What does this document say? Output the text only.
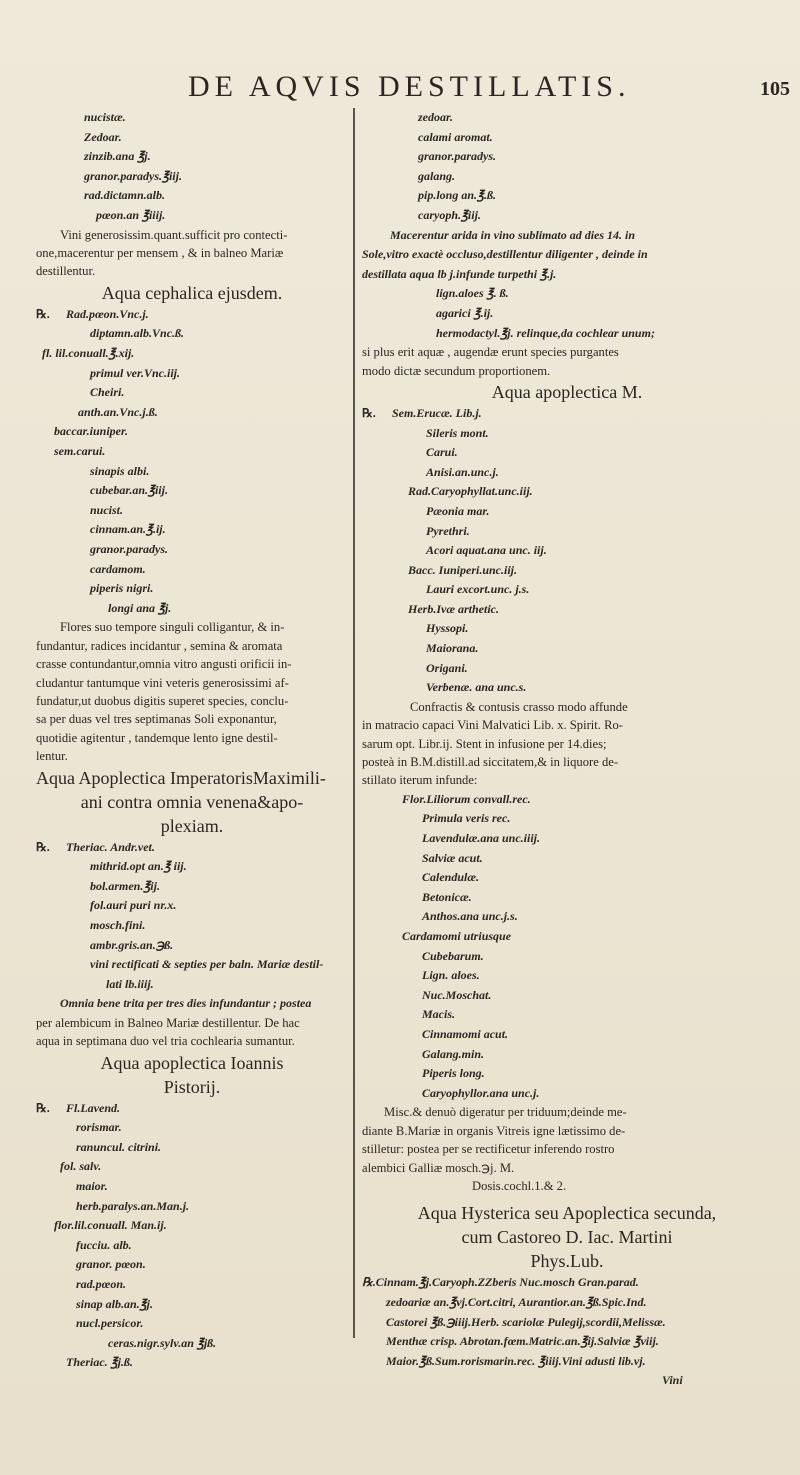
DE AQVIS DESTILLATIS.	105
nucistæ.
Zedoar.
zinzib.ana ℥j.
granor.paradys.℥iij.
rad.dictamn.alb.
pœon.an ℥iiij.
Vini generosissim.quant.sufficit pro contecti-
one,macerentur per mensem , & in balneo Mariæ
destillentur.
Aqua cephalica ejusdem.
℞. Rad.pœon.Vnc.j.
diptamn.alb.Vnc.ß.
fl. lil.conuall.℥.xij.
primul ver.Vnc.iij.
Cheiri.
anth.an.Vnc.j.ß.
baccar.iuniper.
sem.carui.
sinapis albi.
cubebar.an.℥iij.
nucist.
cinnam.an.℥.ij.
granor.paradys.
cardamom.
piperis nigri.
longi ana ℥j.
Flores suo tempore singuli colligantur, & in-
fundantur, radices incidantur , semina & aromata
crasse contundantur,omnia vitro angusti orificii in-
cludantur tantumque vini veteris generosissimi af-
fundatur,ut duobus digitis superet species, conclu-
sa per duas vel tres septimanas Soli exponantur,
quotidie agitentur , tandemque lento igne destil-
lentur.
Aqua Apoplectica ImperatorisMaximili-
ani contra omnia venena&apo-
plexiam.
℞. Theriac. Andr.vet.
mithrid.opt an.℥ iij.
bol.armen.℥ij.
fol.auri puri nr.x.
mosch.fini.
ambr.gris.an.℈ß.
vini rectificati & septies per baln. Mariæ destil-
lati lb.iiij.
Omnia bene trita per tres dies infundantur ; postea
per alembicum in Balneo Mariæ destillentur. De hac
aqua in septimana duo vel tria cochlearia sumantur.
Aqua apoplectica Ioannis
Pistorij.
℞. Fl.Lavend.
rorismar.
ranuncul. citrini.
fol. salv.
maior.
herb.paralys.an.Man.j.
flor.lil.conuall. Man.ij.
fucciu. alb.
granor. pœon.
rad.pœon.
sinap alb.an.℥j.
nucl.persicor.
ceras.nigr.sylv.an ℥jß.
Theriac. ℥j.ß.
zedoar.
calami aromat.
granor.paradys.
galang.
pip.long an.℥.ß.
caryoph.℥iij.
Macerentur arida in vino sublimato ad dies 14. in
Sole,vitro exactè occluso,destillentur diligenter , deinde in
destillata aqua lb j.infunde turpethi ℥.j.
lign.aloes ℥. ß.
agarici ℥.ij.
hermodactyl.℥j. relinque,da cochlear unum;
si plus erit aquæ , augendæ erunt species purgantes
modo dictæ secundum proportionem.
Aqua apoplectica M.
℞. Sem.Erucæ. Lib.j.
Sileris mont.
Carui.
Anisi.an.unc.j.
Rad.Caryophyllat.unc.iij.
Pæonia mar.
Pyrethri.
Acori aquat.ana unc. iij.
Bacc. Iuniperi.unc.iij.
Lauri excort.unc. j.s.
Herb.Ivæ arthetic.
Hyssopi.
Maiorana.
Origani.
Verbenæ. ana unc.s.
Confractis & contusis crasso modo affunde
in matracio capaci Vini Malvatici Lib. x. Spirit. Ro-
sarum opt. Libr.ij. Stent in infusione per 14.dies;
posteà in B.M.distill.ad siccitatem,& in liquore de-
stillato iterum infunde:
Flor.Liliorum convall.rec.
Primula veris rec.
Lavendulæ.ana unc.iiij.
Salviæ acut.
Calendulæ.
Betonicæ.
Anthos.ana unc.j.s.
Cardamomi utriusque
Cubebarum.
Lign. aloes.
Nuc.Moschat.
Macis.
Cinnamomi acut.
Galang.min.
Piperis long.
Caryophyllor.ana unc.j.
Misc.& denuò digeratur per triduum;deinde me-
diante B.Mariæ in organis Vitreis igne lætissimo de-
stilletur: postea per se rectificetur inferendo rostro
alembici Galliæ mosch.℈j. M.
Dosis.cochl.1.& 2.
Aqua Hysterica seu Apoplectica secunda,
cum Castoreo D. Iac. Martini
Phys.Lub.
℞.Cinnam.℥j.Caryoph.ZZberis Nuc.mosch Gran.parad.
zedoariæ an.℥vj.Cort.citri, Aurantior.an.℥ß.Spic.Ind.
Castorei ℥ß.℈iiij.Herb. scariolæ Pulegij,scordii,Melissæ.
Menthæ crisp. Abrotan.fœm.Matric.an.℥ij.Salviæ ℥viij.
Maior.℥ß.Sum.rorismarin.rec. ℥iiij.Vini adusti lib.vj.
Vini
